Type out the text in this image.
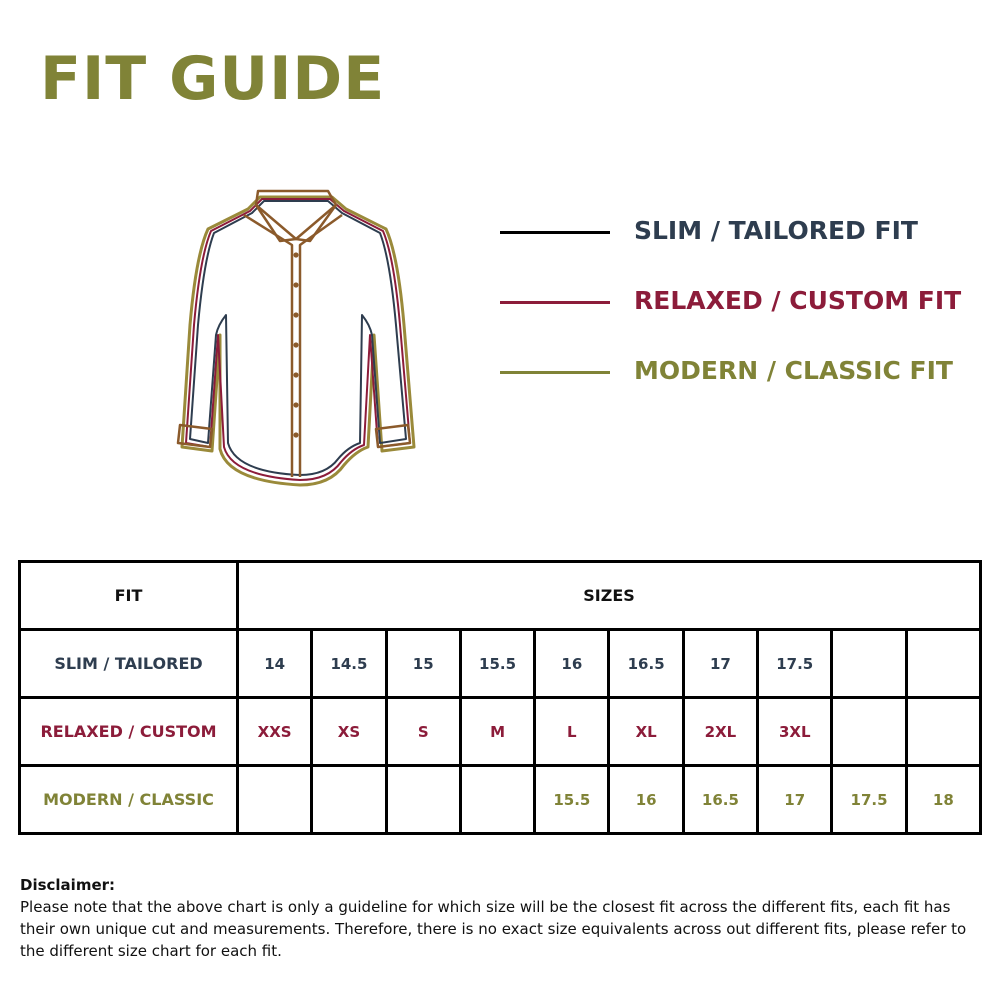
FIT GUIDE
SLIM / TAILORED FIT
RELAXED / CUSTOM FIT
MODERN / CLASSIC FIT
FIT	SIZES									
SLIM / TAILORED	14	14.5	15	15.5	16	16.5	17	17.5		
RELAXED / CUSTOM	XXS	XS	S	M	L	XL	2XL	3XL		
MODERN / CLASSIC					15.5	16	16.5	17	17.5	18
Disclaimer:
Please note that the above chart is only a guideline for which size will be the closest fit across the different fits, each fit has their own unique cut and measurements. Therefore, there is no exact size equivalents across out different fits, please refer to the different size chart for each fit.
